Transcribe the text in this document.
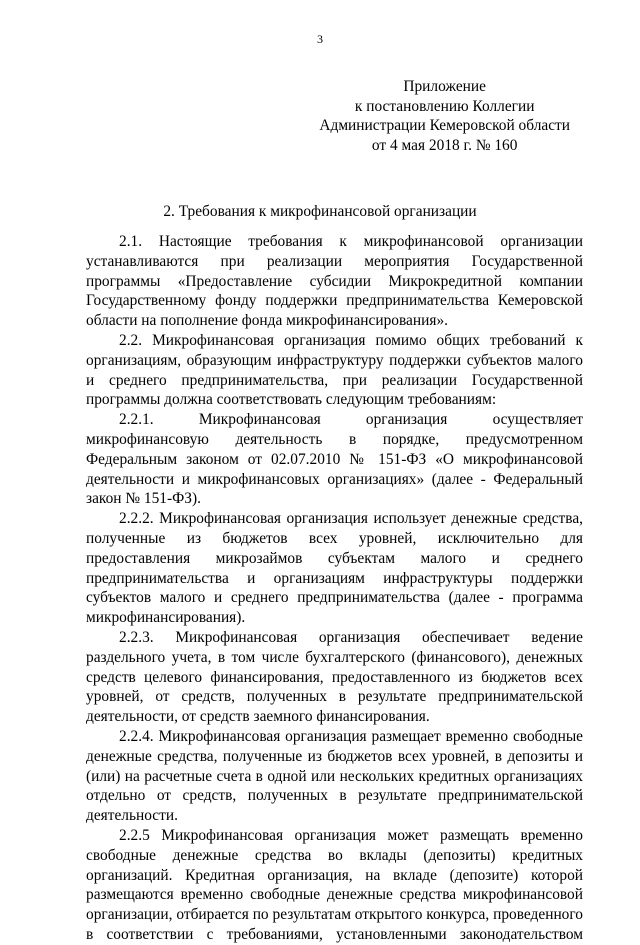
3
Приложение
к постановлению Коллегии
Администрации Кемеровской области
от 4 мая 2018 г. № 160
2. Требования к микрофинансовой организации

2.1. Настоящие требования к микрофинансовой организации устанавливаются при реализации мероприятия Государственной программы «Предоставление субсидии Микрокредитной компании Государственному фонду поддержки предпринимательства Кемеровской области на пополнение фонда микрофинансирования».

2.2. Микрофинансовая организация помимо общих требований к организациям, образующим инфраструктуру поддержки субъектов малого и среднего предпринимательства, при реализации Государственной программы должна соответствовать следующим требованиям:

2.2.1. Микрофинансовая организация осуществляет микрофинансовую деятельность в порядке, предусмотренном Федеральным законом от 02.07.2010 № 151-ФЗ «О микрофинансовой деятельности и микрофинансовых организациях» (далее - Федеральный закон № 151-ФЗ).

2.2.2. Микрофинансовая организация использует денежные средства, полученные из бюджетов всех уровней, исключительно для предоставления микрозаймов субъектам малого и среднего предпринимательства и организациям инфраструктуры поддержки субъектов малого и среднего предпринимательства (далее - программа микрофинансирования).

2.2.3. Микрофинансовая организация обеспечивает ведение раздельного учета, в том числе бухгалтерского (финансового), денежных средств целевого финансирования, предоставленного из бюджетов всех уровней, от средств, полученных в результате предпринимательской деятельности, от средств заемного финансирования.

2.2.4. Микрофинансовая организация размещает временно свободные денежные средства, полученные из бюджетов всех уровней, в депозиты и (или) на расчетные счета в одной или нескольких кредитных организациях отдельно от средств, полученных в результате предпринимательской деятельности.

2.2.5 Микрофинансовая организация может размещать временно свободные денежные средства во вклады (депозиты) кредитных организаций. Кредитная организация, на вкладе (депозите) которой размещаются временно свободные денежные средства микрофинансовой организации, отбирается по результатам открытого конкурса, проведенного в соответствии с требованиями, установленными законодательством
